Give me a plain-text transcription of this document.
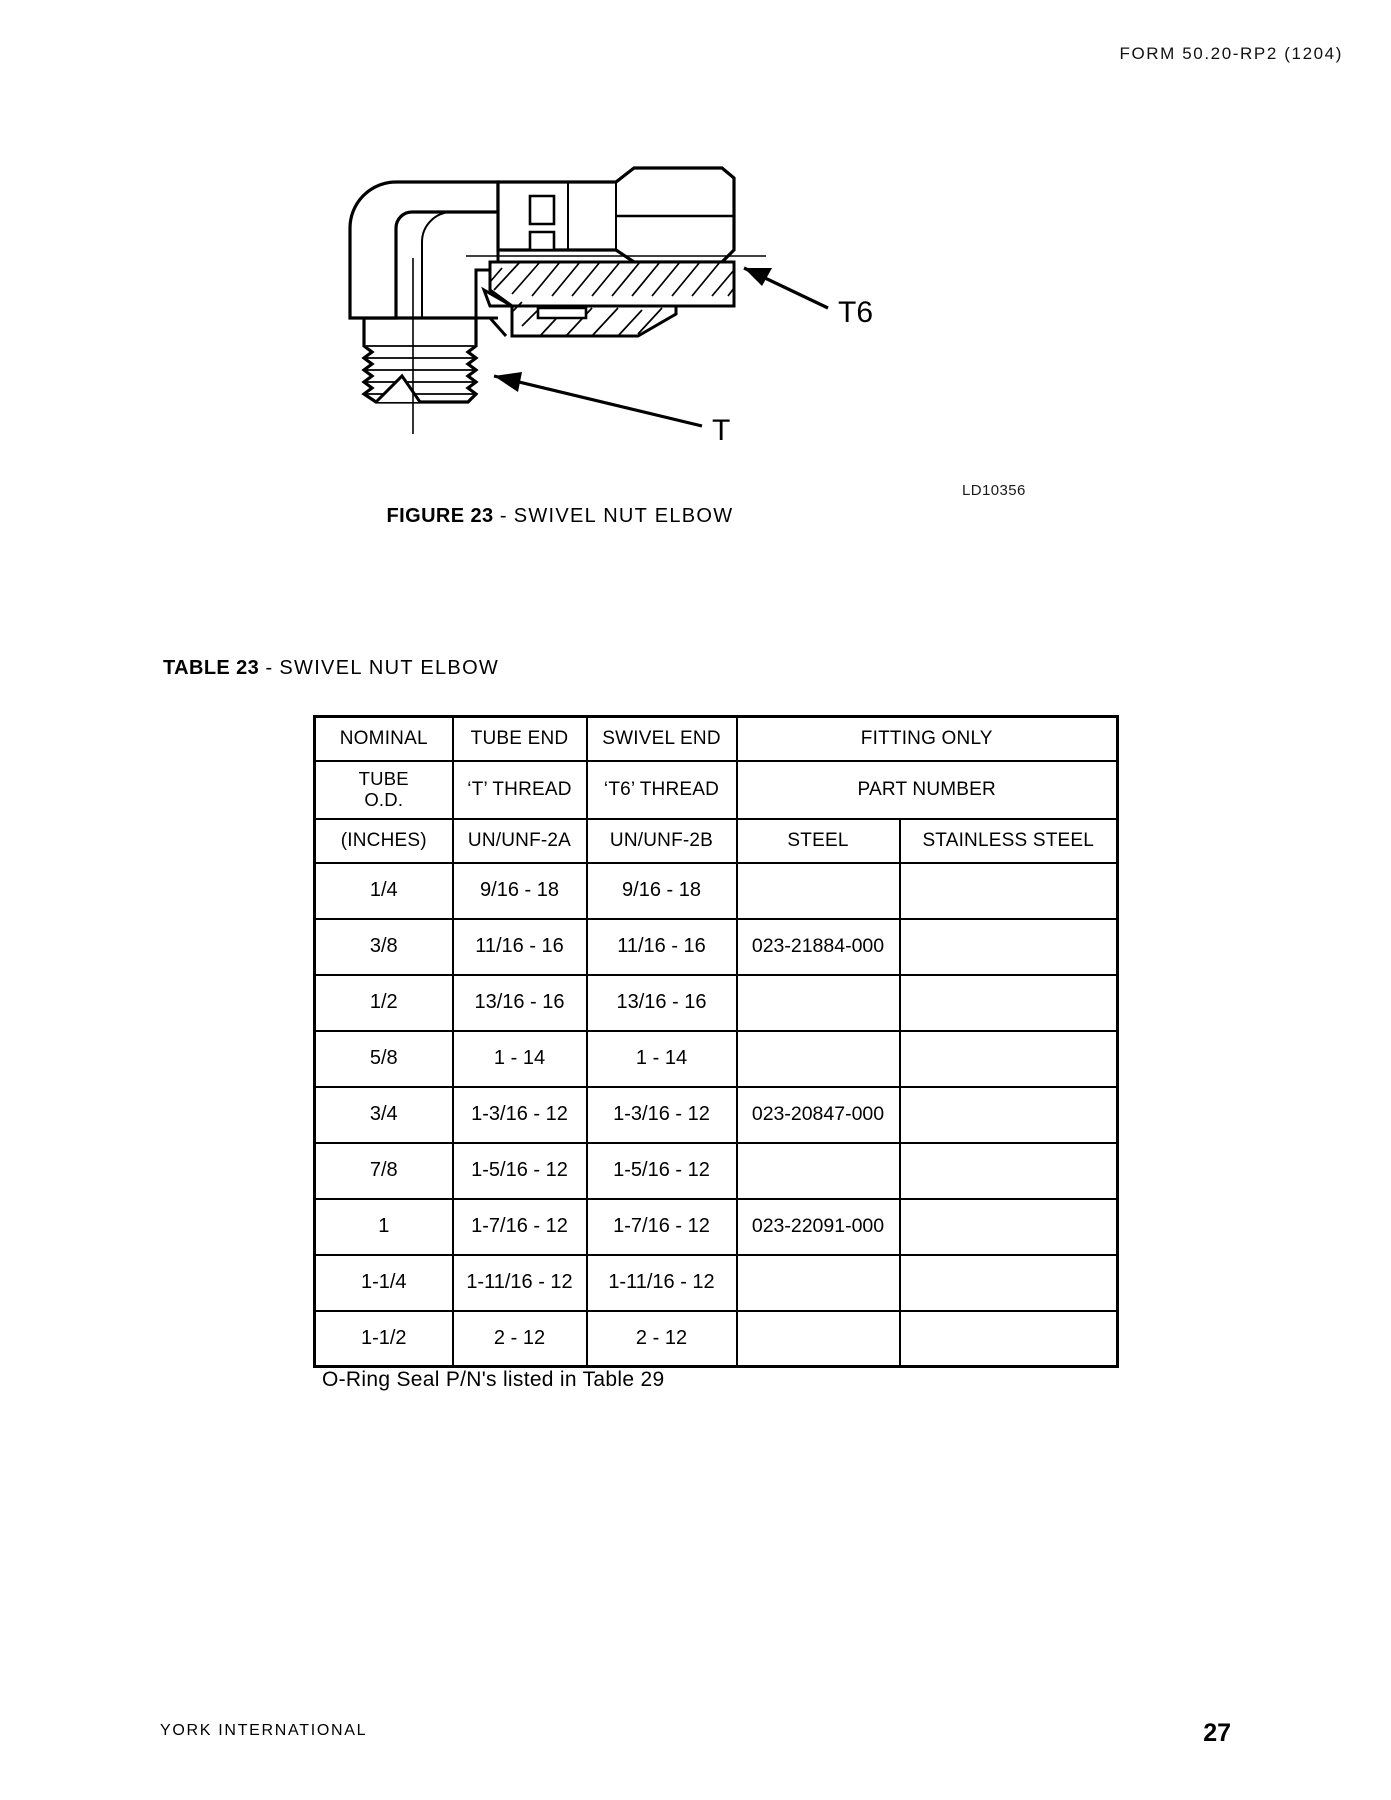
FORM 50.20-RP2 (1204)
T6
T
LD10356
FIGURE 23 - SWIVEL NUT ELBOW
TABLE 23 - SWIVEL NUT ELBOW
NOMINAL	TUBE END	SWIVEL END	FITTING ONLY	
TUBE
O.D.	‘T’ THREAD	‘T6’ THREAD	PART NUMBER	
(INCHES)	UN/UNF-2A	UN/UNF-2B	STEEL	STAINLESS STEEL
1/4	9/16 - 18	9/16 - 18		
3/8	11/16 - 16	11/16 - 16	023-21884-000	
1/2	13/16 - 16	13/16 - 16		
5/8	1 - 14	1 - 14		
3/4	1-3/16 - 12	1-3/16 - 12	023-20847-000	
7/8	1-5/16 - 12	1-5/16 - 12		
1	1-7/16 - 12	1-7/16 - 12	023-22091-000	
1-1/4	1-11/16 - 12	1-11/16 - 12		
1-1/2	2 - 12	2 - 12		
O-Ring Seal P/N's listed in Table 29
YORK INTERNATIONAL	27
